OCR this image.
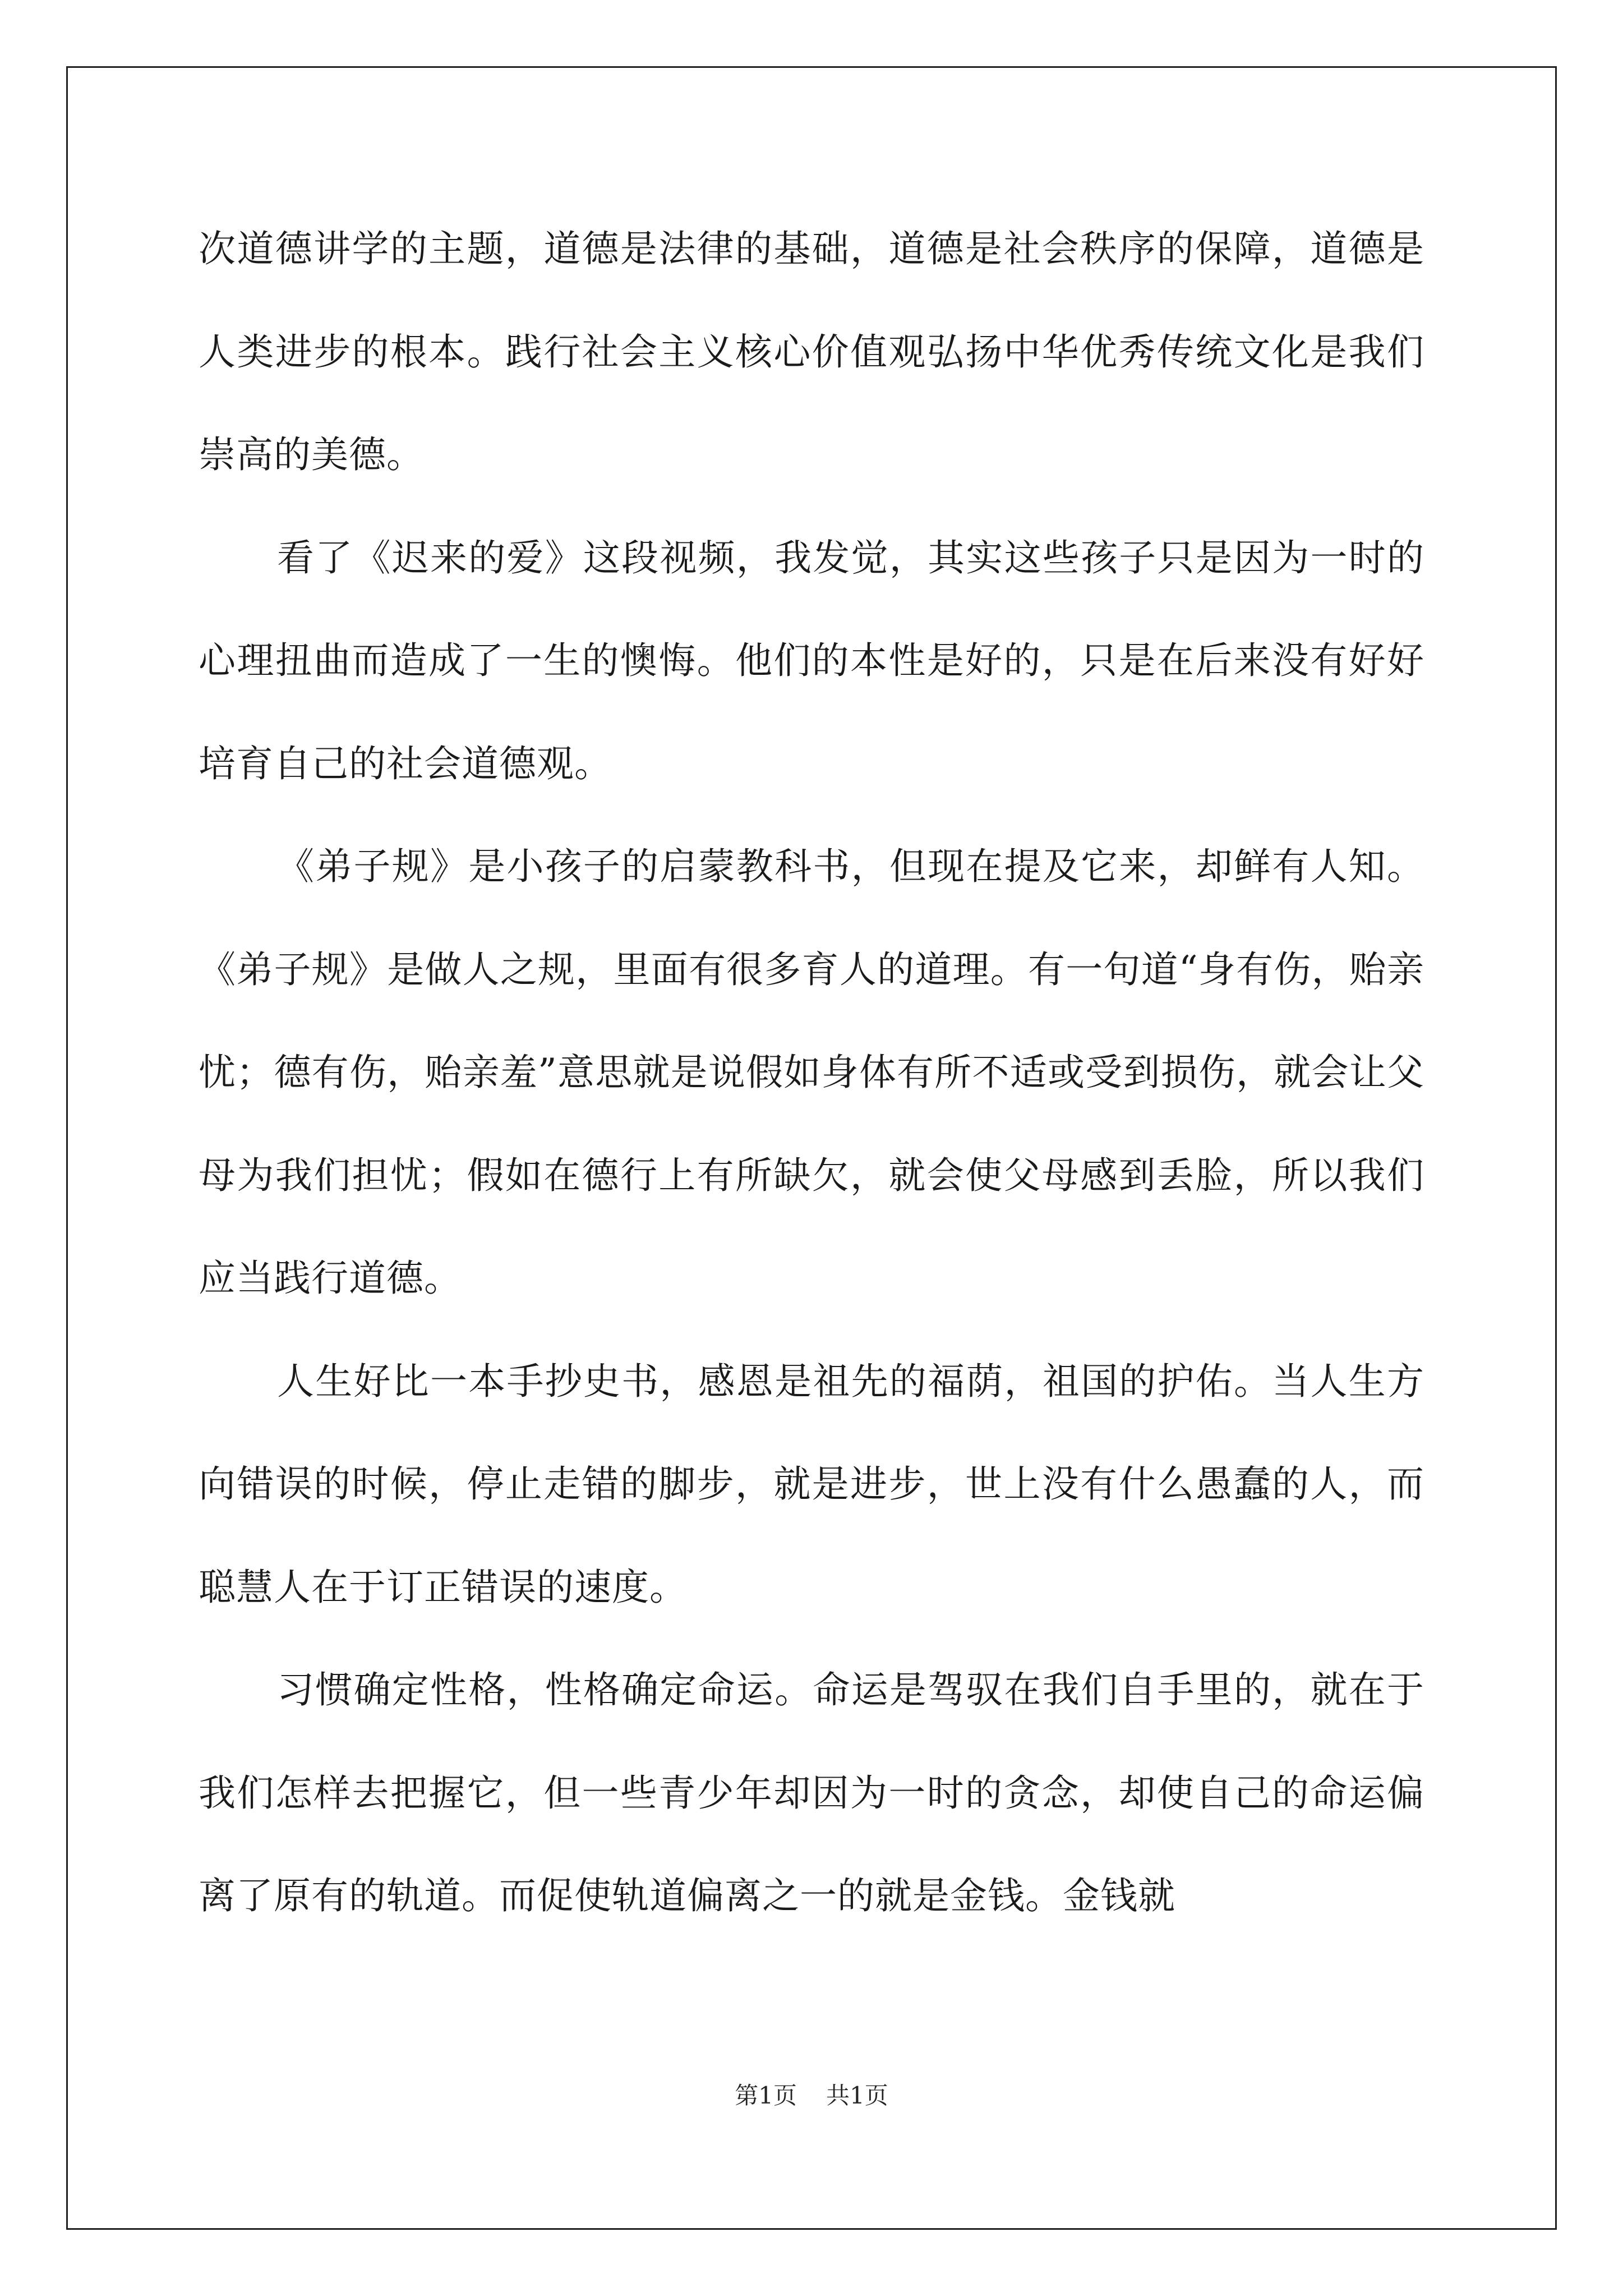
次道德讲学的主题，道德是法律的基础，道德是社会秩序的保障，道德是人类进步的根本。践行社会主义核心价值观弘扬中华优秀传统文化是我们崇高的美德。

看了《迟来的爱》这段视频，我发觉，其实这些孩子只是因为一时的心理扭曲而造成了一生的懊悔。他们的本性是好的，只是在后来没有好好培育自己的社会道德观。

《弟子规》是小孩子的启蒙教科书，但现在提及它来，却鲜有人知。《弟子规》是做人之规，里面有很多育人的道理。有一句道“身有伤，贻亲忧；德有伤，贻亲羞”意思就是说假如身体有所不适或受到损伤，就会让父母为我们担忧；假如在德行上有所缺欠，就会使父母感到丢脸，所以我们应当践行道德。

人生好比一本手抄史书，感恩是祖先的福荫，祖国的护佑。当人生方向错误的时候，停止走错的脚步，就是进步，世上没有什么愚蠢的人，而聪慧人在于订正错误的速度。

习惯确定性格，性格确定命运。命运是驾驭在我们自手里的，就在于我们怎样去把握它，但一些青少年却因为一时的贪念，却使自己的命运偏离了原有的轨道。而促使轨道偏离之一的就是金钱。金钱就

第1页 共1页
